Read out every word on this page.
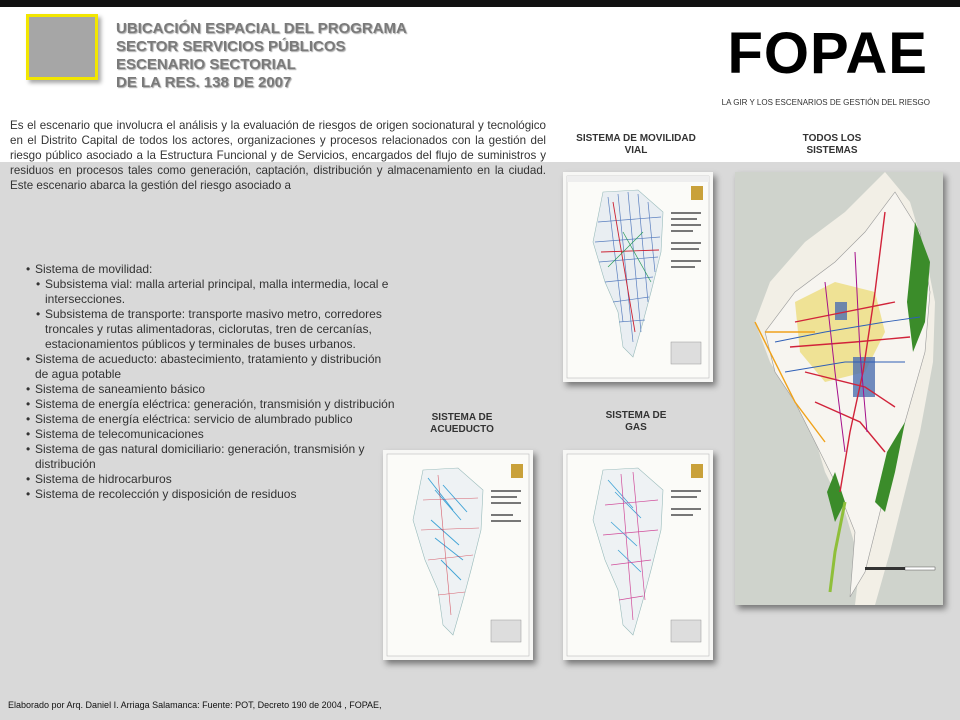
UBICACIÓN ESPACIAL DEL PROGRAMA
SECTOR SERVICIOS PÚBLICOS
ESCENARIO SECTORIAL
DE LA RES. 138 DE 2007	FOPAE
LA GIR Y LOS ESCENARIOS DE GESTIÓN DEL RIESGO
Es el escenario que involucra el análisis y la evaluación de riesgos de origen socionatural y tecnológico en el Distrito Capital de todos los actores, organizaciones y procesos relacionados con la gestión del riesgo público asociado a la Estructura Funcional y de Servicios, encargados del flujo de suministros y residuos en procesos tales como generación, captación, distribución y almacenamiento en la ciudad. Este escenario abarca la gestión del riesgo asociado a
• Sistema de movilidad:
• Subsistema vial: malla arterial principal, malla intermedia, local e intersecciones.
• Subsistema de transporte: transporte masivo metro, corredores troncales y rutas alimentadoras, ciclorutas, tren de cercanías, estacionamientos públicos y terminales de buses urbanos.
• Sistema de acueducto: abastecimiento, tratamiento y distribución de agua potable
• Sistema de saneamiento básico
• Sistema de energía eléctrica: generación, transmisión y distribución
• Sistema de energía eléctrica: servicio de alumbrado publico
• Sistema de telecomunicaciones
• Sistema de gas natural domiciliario: generación, transmisión y distribución
• Sistema de hidrocarburos
• Sistema de recolección y disposición de residuos
SISTEMA DE MOVILIDAD
VIAL
TODOS LOS
SISTEMAS
SISTEMA DE
ACUEDUCTO
SISTEMA DE
GAS
Elaborado por Arq. Daniel I. Arriaga Salamanca: Fuente: POT, Decreto 190 de 2004 , FOPAE,
